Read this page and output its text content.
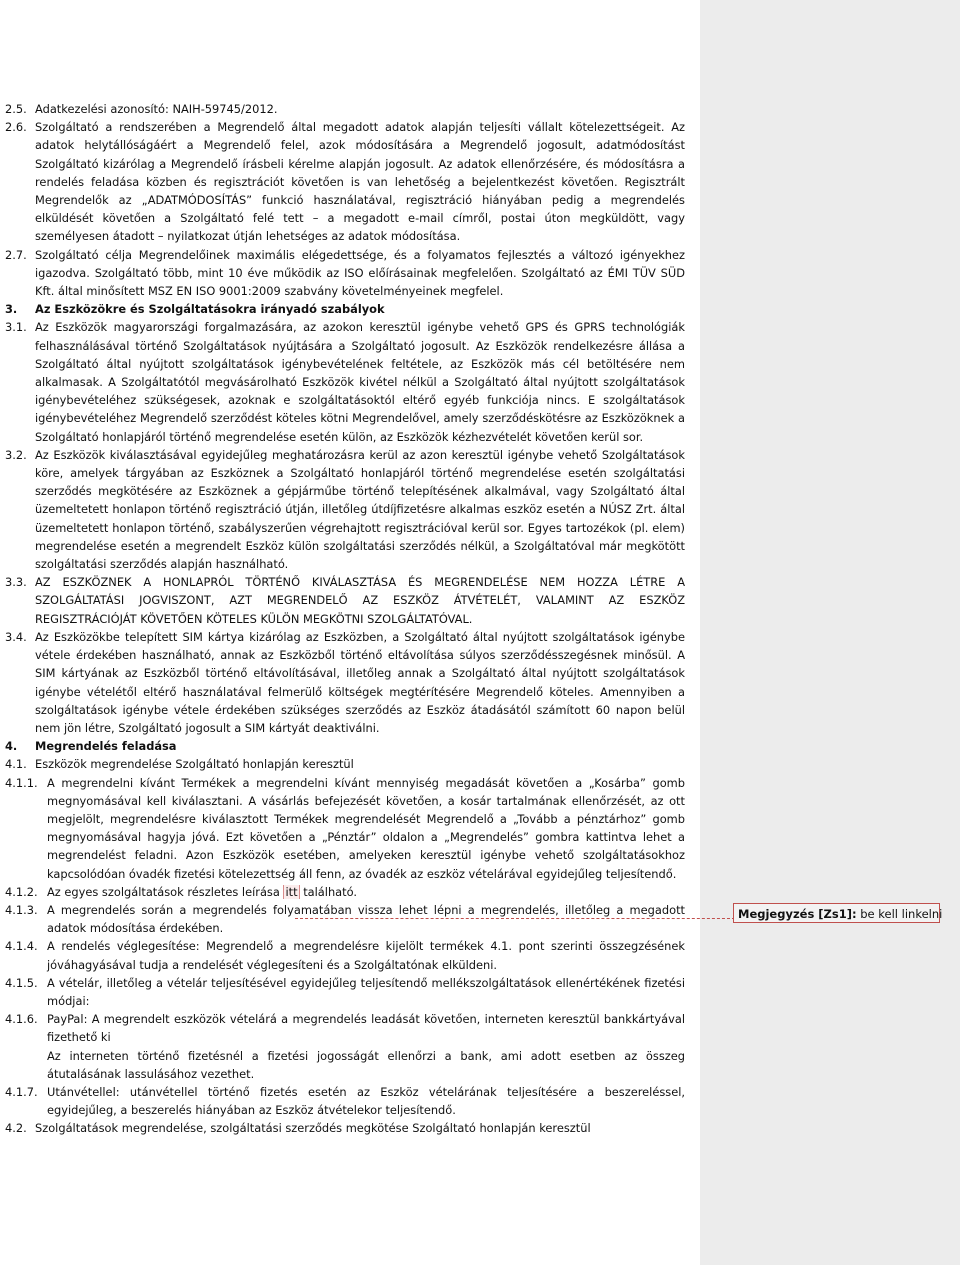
2.5. Adatkezelési azonosító: NAIH-59745/2012.
2.6. Szolgáltató a rendszerében a Megrendelő által megadott adatok alapján teljesíti vállalt kötelezettségeit. Az adatok helytállóságáért a Megrendelő felel, azok módosítására a Megrendelő jogosult, adatmódosítást Szolgáltató kizárólag a Megrendelő írásbeli kérelme alapján jogosult. Az adatok ellenőrzésére, és módosításra a rendelés feladása közben és regisztrációt követően is van lehetőség a bejelentkezést követően. Regisztrált Megrendelők az „ADATMÓDOSÍTÁS” funkció használatával, regisztráció hiányában pedig a megrendelés elküldését követően a Szolgáltató felé tett – a megadott e-mail címről, postai úton megküldött, vagy személyesen átadott – nyilatkozat útján lehetséges az adatok módosítása.
2.7. Szolgáltató célja Megrendelőinek maximális elégedettsége, és a folyamatos fejlesztés a változó igényekhez igazodva. Szolgáltató több, mint 10 éve működik az ISO előírásainak megfelelően. Szolgáltató az ÉMI TÜV SÜD Kft. által minősített MSZ EN ISO 9001:2009 szabvány követelményeinek megfelel.
3. Az Eszközökre és Szolgáltatásokra irányadó szabályok
3.1. Az Eszközök magyarországi forgalmazására, az azokon keresztül igénybe vehető GPS és GPRS technológiák felhasználásával történő Szolgáltatások nyújtására a Szolgáltató jogosult. Az Eszközök rendelkezésre állása a Szolgáltató által nyújtott szolgáltatások igénybevételének feltétele, az Eszközök más cél betöltésére nem alkalmasak. A Szolgáltatótól megvásárolható Eszközök kivétel nélkül a Szolgáltató által nyújtott szolgáltatások igénybevételéhez szükségesek, azoknak e szolgáltatásoktól eltérő egyéb funkciója nincs. E szolgáltatások igénybevételéhez Megrendelő szerződést köteles kötni Megrendelővel, amely szerződéskötésre az Eszközöknek a Szolgáltató honlapjáról történő megrendelése esetén külön, az Eszközök kézhezvételét követően kerül sor.
3.2. Az Eszközök kiválasztásával egyidejűleg meghatározásra kerül az azon keresztül igénybe vehető Szolgáltatások köre, amelyek tárgyában az Eszköznek a Szolgáltató honlapjáról történő megrendelése esetén szolgáltatási szerződés megkötésére az Eszköznek a gépjárműbe történő telepítésének alkalmával, vagy Szolgáltató által üzemeltetett honlapon történő regisztráció útján, illetőleg útdíjfizetésre alkalmas eszköz esetén a NÚSZ Zrt. által üzemeltetett honlapon történő, szabályszerűen végrehajtott regisztrációval kerül sor. Egyes tartozékok (pl. elem) megrendelése esetén a megrendelt Eszköz külön szolgáltatási szerződés nélkül, a Szolgáltatóval már megkötött szolgáltatási szerződés alapján használható.
3.3. AZ ESZKÖZNEK A HONLAPRÓL TÖRTÉNŐ KIVÁLASZTÁSA ÉS MEGRENDELÉSE NEM HOZZA LÉTRE A SZOLGÁLTATÁSI JOGVISZONT, AZT MEGRENDELŐ AZ ESZKÖZ ÁTVÉTELÉT, VALAMINT AZ ESZKÖZ REGISZTRÁCIÓJÁT KÖVETŐEN KÖTELES KÜLÖN MEGKÖTNI SZOLGÁLTATÓVAL.
3.4. Az Eszközökbe telepített SIM kártya kizárólag az Eszközben, a Szolgáltató által nyújtott szolgáltatások igénybe vétele érdekében használható, annak az Eszközből történő eltávolítása súlyos szerződésszegésnek minősül. A SIM kártyának az Eszközből történő eltávolításával, illetőleg annak a Szolgáltató által nyújtott szolgáltatások igénybe vételétől eltérő használatával felmerülő költségek megtérítésére Megrendelő köteles. Amennyiben a szolgáltatások igénybe vétele érdekében szükséges szerződés az Eszköz átadásától számított 60 napon belül nem jön létre, Szolgáltató jogosult a SIM kártyát deaktiválni.
4. Megrendelés feladása
4.1. Eszközök megrendelése Szolgáltató honlapján keresztül
4.1.1. A megrendelni kívánt Termékek a megrendelni kívánt mennyiség megadását követően a „Kosárba” gomb megnyomásával kell kiválasztani. A vásárlás befejezését követően, a kosár tartalmának ellenőrzését, az ott megjelölt, megrendelésre kiválasztott Termékek megrendelését Megrendelő a „Tovább a pénztárhoz” gomb megnyomásával hagyja jóvá. Ezt követően a „Pénztár” oldalon a „Megrendelés” gombra kattintva lehet a megrendelést feladni. Azon Eszközök esetében, amelyeken keresztül igénybe vehető szolgáltatásokhoz kapcsolódóan óvadék fizetési kötelezettség áll fenn, az óvadék az eszköz vételárával egyidejűleg teljesítendő.
4.1.2. Az egyes szolgáltatások részletes leírása itt található.
4.1.3. A megrendelés során a megrendelés folyamatában visszа lehet lépni a megrendelés, illetőleg a megadott adatok módosítása érdekében.
4.1.4. A rendelés véglegesítése: Megrendelő a megrendelésre kijelölt termékek 4.1. pont szerinti összegzésének jóváhagyásával tudja a rendelését véglegesíteni és a Szolgáltatónak elküldeni.
4.1.5. A vételár, illetőleg a vételár teljesítésével egyidejűleg teljesítendő mellékszolgáltatások ellenértékének fizetési módjai:
4.1.6. PayPal: A megrendelt eszközök vételárá a megrendelés leadását követően, interneten keresztül bankkártyával fizethető ki
Az interneten történő fizetésnél a fizetési jogosságát ellenőrzi a bank, ami adott esetben az összeg átutalásának lassulásához vezethet.
4.1.7. Utánvétellel: utánvétellel történő fizetés esetén az Eszköz vételárának teljesítésére a beszereléssel, egyidejűleg, a beszerelés hiányában az Eszköz átvételekor teljesítendő.
4.2. Szolgáltatások megrendelése, szolgáltatási szerződés megkötése Szolgáltató honlapján keresztül
Megjegyzés [Zs1]: be kell linkelni
